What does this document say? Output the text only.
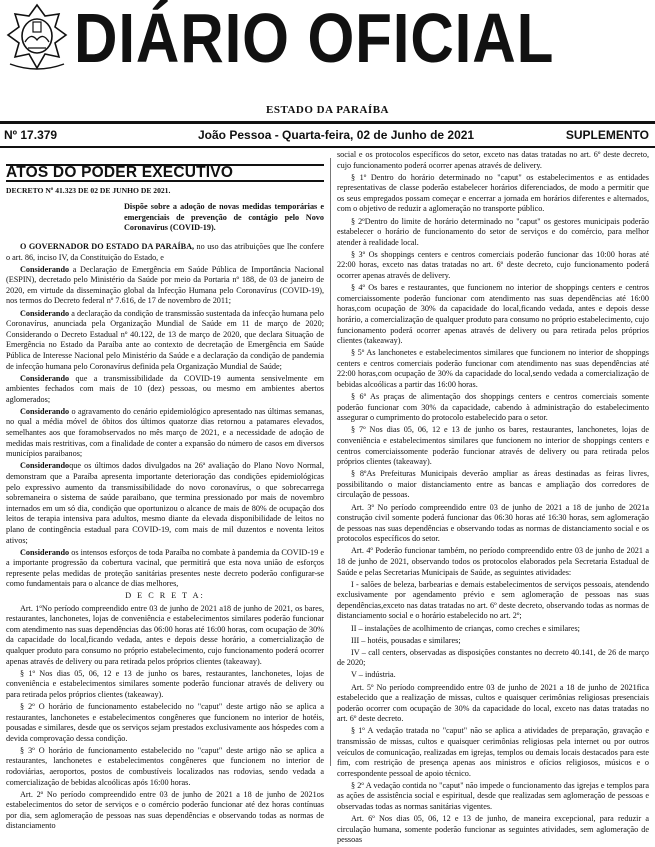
DIÁRIO OFICIAL
ESTADO DA PARAÍBA
Nº 17.379	João Pessoa - Quarta-feira, 02 de Junho de 2021	SUPLEMENTO
ATOS DO PODER EXECUTIVO

DECRETO Nº 41.323 DE 02 DE JUNHO DE 2021.

Dispõe sobre a adoção de novas medidas temporárias e emergenciais de prevenção de contágio pelo Novo Coronavírus (COVID-19).

O GOVERNADOR DO ESTADO DA PARAÍBA, no uso das atribuições que lhe confere o art. 86, inciso IV, da Constituição do Estado, e

Considerando a Declaração de Emergência em Saúde Pública de Importância Nacional (ESPIN), decretado pelo Ministério da Saúde por meio da Portaria nº 188, de 03 de janeiro de 2020, em virtude da disseminação global da Infecção Humana pelo Coronavírus (COVID-19), nos termos do Decreto federal nº 7.616, de 17 de novembro de 2011;

Considerando a declaração da condição de transmissão sustentada da infecção humana pelo Coronavírus, anunciada pela Organização Mundial de Saúde em 11 de março de 2020; Considerando o Decreto Estadual nº 40.122, de 13 de março de 2020, que declara Situação de Emergência no Estado da Paraíba ante ao contexto de decretação de Emergência em Saúde Pública de Interesse Nacional pelo Ministério da Saúde e a declaração da condição de pandemia de infecção humana pelo Coronavírus definida pela Organização Mundial de Saúde;

Considerando que a transmissibilidade da COVID-19 aumenta sensivelmente em ambientes fechados com mais de 10 (dez) pessoas, ou mesmo em ambientes abertos aglomerados;

Considerando o agravamento do cenário epidemiológico apresentado nas últimas semanas, no qual a média móvel de óbitos dos últimos quatorze dias retornou a patamares elevados, semelhantes aos que foramobservados no mês março de 2021, e a necessidade de adoção de medidas mais restritivas, com a finalidade de conter a expansão do número de casos em diversos municípios paraibanos;

Considerandoque os últimos dados divulgados na 26ª avaliação do Plano Novo Normal, demonstram que a Paraíba apresenta importante deterioração das condições epidemiológicas pelo expressivo aumento da transmissibilidade do novo coronavírus, o que sobrecarrega sobremaneira o sistema de saúde paraibano, que termina pressionado por mais de novembro internados em um só dia, condição que oportunizou o alcance de mais de 80% de ocupação dos leitos de terapia intensiva para adultos, mesmo diante da elevada disponibilidade de leitos no plano de contingência estadual para COVID-19, com mais de mil duzentos e noventa leitos ativos;

Considerando os intensos esforços de toda Paraíba no combate à pandemia da COVID-19 e a importante progressão da cobertura vacinal, que permitirá que esta nova união de esforços represente pelas medidas de proteção sanitárias presentes neste decreto poderão configurar-se como fundamentais para o alcance de dias melhores,

D E C R E T A:

Art. 1ºNo período compreendido entre 03 de junho de 2021 a18 de junho de 2021, os bares, restaurantes, lanchonetes, lojas de conveniência e estabelecimentos similares poderão funcionar com atendimento nas suas dependências das 06:00 horas até 16:00 horas, com ocupação de 30% da capacidade do local,ficando vedada, antes e depois desse horário, a comercialização de qualquer produto para consumo no próprio estabelecimento, cujo funcionamento poderá ocorrer apenas através de delivery ou para retirada pelos próprios clientes (takeaway).

§ 1º Nos dias 05, 06, 12 e 13 de junho os bares, restaurantes, lanchonetes, lojas de conveniência e estabelecimentos similares somente poderão funcionar através de delivery ou para retirada pelos próprios clientes (takeaway).

§ 2º O horário de funcionamento estabelecido no "caput" deste artigo não se aplica a restaurantes, lanchonetes e estabelecimentos congêneres que funcionem no interior de hotéis, pousadas e similares, desde que os serviços sejam prestados exclusivamente aos hóspedes com a devida comprovação dessa condição.

§ 3º O horário de funcionamento estabelecido no "caput" deste artigo não se aplica a restaurantes, lanchonetes e estabelecimentos congêneres que funcionem no interior de rodoviárias, aeroportos, postos de combustíveis localizados nas rodovias, sendo vedada a comercialização de bebidas alcoólicas após 16:00 horas.

Art. 2º No período compreendido entre 03 de junho de 2021 a 18 de junho de 2021os estabelecimentos do setor de serviços e o comércio poderão funcionar até dez horas contínuas por dia, sem aglomeração de pessoas nas suas dependências e observando todas as normas de distanciamento

social e os protocolos específicos do setor, exceto nas datas tratadas no art. 6º deste decreto, cujo funcionamento poderá ocorrer apenas através de delivery.

§ 1º Dentro do horário determinado no "caput" os estabelecimentos e as entidades representativas de classe poderão estabelecer horários diferenciados, de modo a permitir que os seus empregados possam começar e encerrar a jornada em horários diferentes e alternados, com o objetivo de reduzir a aglomeração no transporte público.

§ 2ºDentro do limite de horário determinado no "caput" os gestores municipais poderão estabelecer o horário de funcionamento do setor de serviços e do comércio, para melhor atender à realidade local.

§ 3º Os shoppings centers e centros comerciais poderão funcionar das 10:00 horas até 22:00 horas, exceto nas datas tratadas no art. 6º deste decreto, cujo funcionamento poderá ocorrer apenas através de delivery.

§ 4º Os bares e restaurantes, que funcionem no interior de shoppings centers e centros comerciaissomente poderão funcionar com atendimento nas suas dependências até 16:00 horas,com ocupação de 30% da capacidade do local,ficando vedada, antes e depois desse horário, a comercialização de qualquer produto para consumo no próprio estabelecimento, cujo funcionamento poderá ocorrer apenas através de delivery ou para retirada pelos próprios clientes (takeaway).

§ 5º As lanchonetes e estabelecimentos similares que funcionem no interior de shoppings centers e centros comerciais poderão funcionar com atendimento nas suas dependências até 22:00 horas,com ocupação de 30% da capacidade do local,sendo vedada a comercialização de bebidas alcoólicas a partir das 16:00 horas.

§ 6º As praças de alimentação dos shoppings centers e centros comerciais somente poderão funcionar com 30% da capacidade, cabendo à administração do estabelecimento assegurar o cumprimento do protocolo estabelecido para o setor.

§ 7º Nos dias 05, 06, 12 e 13 de junho os bares, restaurantes, lanchonetes, lojas de conveniência e estabelecimentos similares que funcionem no interior de shoppings centers e centros comerciaissomente poderão funcionar através de delivery ou para retirada pelos próprios clientes (takeaway).

§ 8ºAs Prefeituras Municipais deverão ampliar as áreas destinadas as feiras livres, possibilitando o maior distanciamento entre as bancas e ampliação dos corredores de circulação de pessoas.

Art. 3º No período compreendido entre 03 de junho de 2021 a 18 de junho de 2021a construção civil somente poderá funcionar das 06:30 horas até 16:30 horas, sem aglomeração de pessoas nas suas dependências e observando todas as normas de distanciamento social e os protocolos específicos do setor.

Art. 4º Poderão funcionar também, no período compreendido entre 03 de junho de 2021 a 18 de junho de 2021, observando todos os protocolos elaborados pela Secretaria Estadual de Saúde e pelas Secretarias Municipais de Saúde, as seguintes atividades:

I - salões de beleza, barbearias e demais estabelecimentos de serviços pessoais, atendendo exclusivamente por agendamento prévio e sem aglomeração de pessoas nas suas dependências,exceto nas datas tratadas no art. 6º deste decreto, observando todas as normas de distanciamento social e o horário estabelecido no art. 2º;

II – instalações de acolhimento de crianças, como creches e similares;

III – hotéis, pousadas e similares;

IV – call centers, observadas as disposições constantes no decreto 40.141, de 26 de março de 2020;

V – indústria.

Art. 5º No período compreendido entre 03 de junho de 2021 a 18 de junho de 2021fica estabelecido que a realização de missas, cultos e quaisquer cerimônias religiosas presenciais poderão ocorrer com ocupação de 30% da capacidade do local, exceto nas datas tratadas no art. 6º deste decreto.

§ 1º A vedação tratada no "caput" não se aplica a atividades de preparação, gravação e transmissão de missas, cultos e quaisquer cerimônias religiosas pela internet ou por outros veículos de comunicação, realizadas em igrejas, templos ou demais locais destacados para este fim, com restrição de presença apenas aos ministros e ofícios religiosos, músicos e o correspondente pessoal de apoio técnico.

§ 2º A vedação contida no "caput" não impede o funcionamento das igrejas e templos para as ações de assistência social e espiritual, desde que realizadas sem aglomeração de pessoas e observadas todas as normas sanitárias vigentes.

Art. 6º Nos dias 05, 06, 12 e 13 de junho, de maneira excepcional, para reduzir a circulação humana, somente poderão funcionar as seguintes atividades, sem aglomeração de pessoas
